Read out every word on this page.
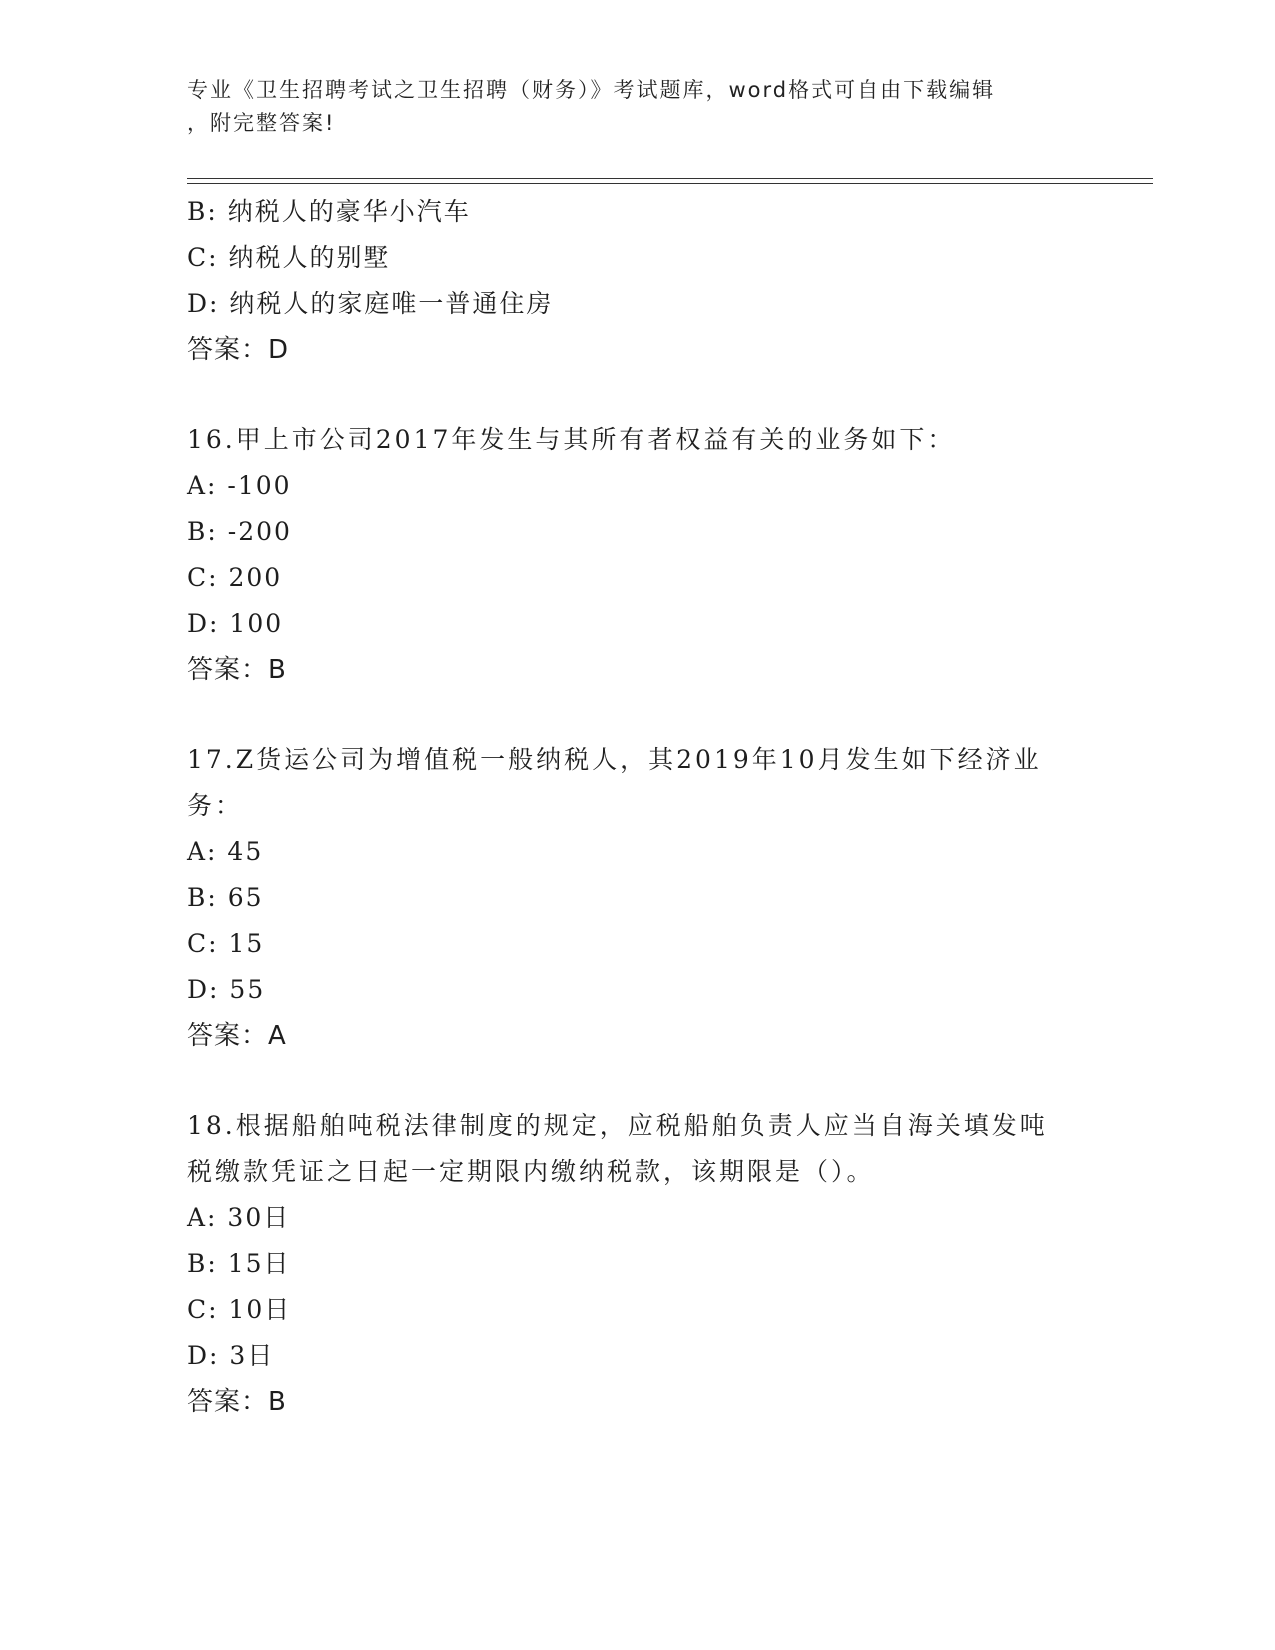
专业《卫生招聘考试之卫生招聘（财务）》考试题库，word格式可自由下载编辑
，附完整答案!
B: 纳税人的豪华小汽车
C: 纳税人的别墅
D: 纳税人的家庭唯一普通住房
答案：D
16.甲上市公司2017年发生与其所有者权益有关的业务如下：
A: -100
B: -200
C: 200
D: 100
答案：B
17.Z货运公司为增值税一般纳税人，其2019年10月发生如下经济业
务：
A: 45
B: 65
C: 15
D: 55
答案：A
18.根据船舶吨税法律制度的规定，应税船舶负责人应当自海关填发吨
税缴款凭证之日起一定期限内缴纳税款，该期限是（）。
A: 30日
B: 15日
C: 10日
D: 3日
答案：B
